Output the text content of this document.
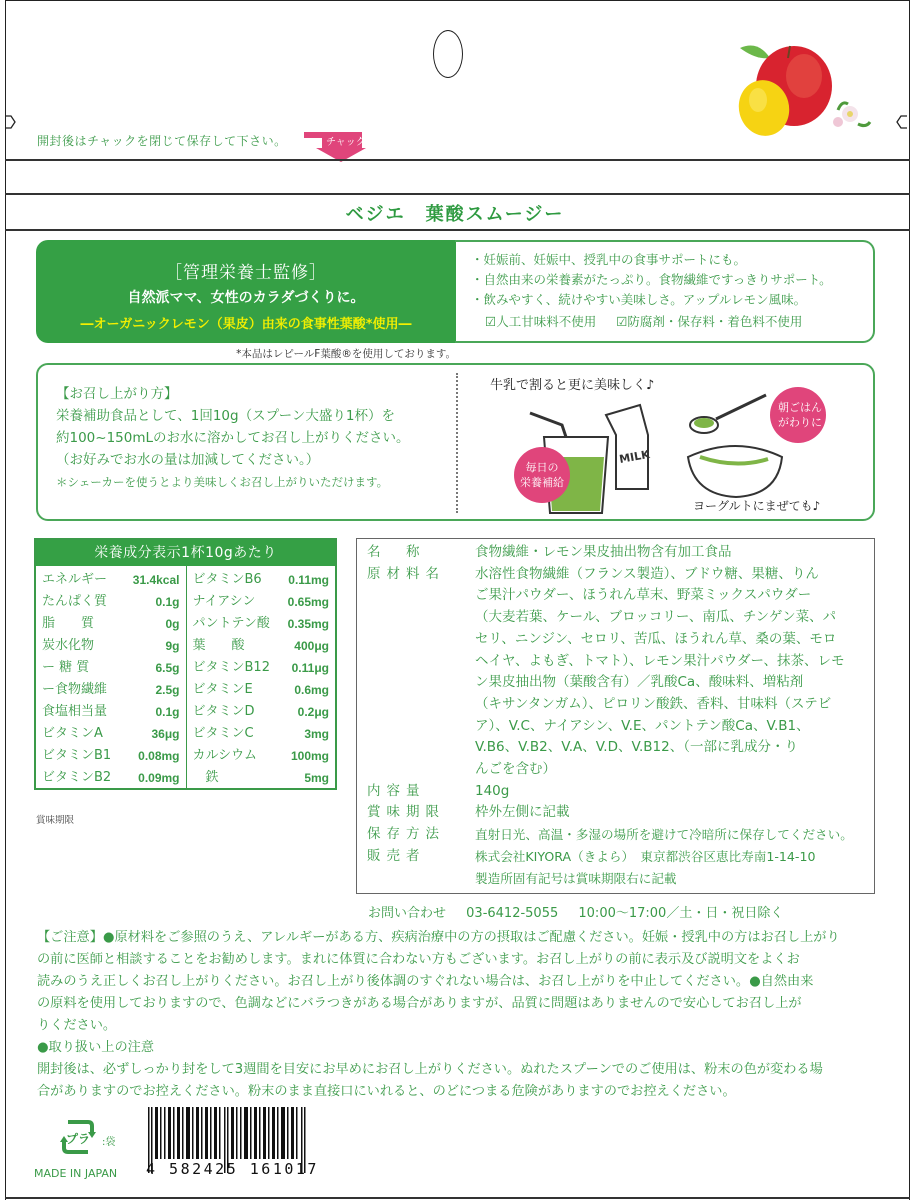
開封後はチャックを閉じて保存して下さい。	チャック
ベジエ　葉酸スムージー
［管理栄養士監修］
自然派ママ、女性のカラダづくりに。
―オーガニックレモン（果皮）由来の食事性葉酸*使用―
・妊娠前、妊娠中、授乳中の食事サポートにも。
・自然由来の栄養素がたっぷり。食物繊維ですっきりサポート。
・飲みやすく、続けやすい美味しさ。アップルレモン風味。
☑人工甘味料不使用 ☑防腐剤・保存料・着色料不使用
*本品はレピールF葉酸®を使用しております。
【お召し上がり方】
栄養補助食品として、1回10g（スプーン大盛り1杯）を
約100~150mLのお水に溶かしてお召し上がりください。
（お好みでお水の量は加減してください。）
＊シェーカーを使うとより美味しくお召し上がりいただけます。
牛乳で割ると更に美味しく♪
MILK
毎日の
栄養補給
朝ごはん
がわりに
ヨーグルトにまぜても♪
栄養成分表示1杯10gあたり
エネルギー 31.4kcal
たんぱく質	0.1g
脂　　質	0g
炭水化物	9g
ー 糖 質	6.5g
ー食物繊維	2.5g
食塩相当量	0.1g
ビタミンA	36μg
ビタミンB1 0.08mg
ビタミンB2 0.09mg
ビタミンB6 0.11mg
ナイアシン	0.65mg
パントテン酸 0.35mg
葉　　酸	400μg
ビタミンB12 0.11μg
ビタミンE	0.6mg
ビタミンD	0.2μg
ビタミンC	3mg
カルシウム	100mg
　鉄	5mg
賞味期限
名　称	食物繊維・レモン果皮抽出物含有加工食品
原材料名	水溶性食物繊維（フランス製造）、ブドウ糖、果糖、りん
ご果汁パウダー、ほうれん草末、野菜ミックスパウダー
（大麦若葉、ケール、ブロッコリー、南瓜、チンゲン菜、パ
セリ、ニンジン、セロリ、苦瓜、ほうれん草、桑の葉、モロ
ヘイヤ、よもぎ、トマト）、レモン果汁パウダー、抹茶、レモ
ン果皮抽出物（葉酸含有）／乳酸Ca、酸味料、増粘剤
（キサンタンガム）、ピロリン酸鉄、香料、甘味料（ステビ
ア）、V.C、ナイアシン、V.E、パントテン酸Ca、V.B1、
V.B6、V.B2、V.A、V.D、V.B12、（一部に乳成分・り
んごを含む）
内容量	140g
賞味期限	枠外左側に記載
保存方法	直射日光、高温・多湿の場所を避けて冷暗所に保存してください。
販売者	株式会社KIYORA（きよら）　東京都渋谷区恵比寿南1-14-10
製造所固有記号は賞味期限右に記載
お問い合わせ 03-6412-5055 10:00～17:00／土・日・祝日除く
【ご注意】●原材料をご参照のうえ、アレルギーがある方、疾病治療中の方の摂取はご配慮ください。妊娠・授乳中の方はお召し上がり
の前に医師と相談することをお勧めします。まれに体質に合わない方もございます。お召し上がりの前に表示及び説明文をよくお
読みのうえ正しくお召し上がりください。お召し上がり後体調のすぐれない場合は、お召し上がりを中止してください。●自然由来
の原料を使用しておりますので、色調などにバラつきがある場合がありますが、品質に問題はありませんので安心してお召し上が
りください。
●取り扱い上の注意
開封後は、必ずしっかり封をして3週間を目安にお早めにお召し上がりください。ぬれたスプーンでのご使用は、粉末の色が変わる場
合がありますのでお控えください。粉末のまま直接口にいれると、のどにつまる危険がありますのでお控えください。
プラ :袋
MADE IN JAPAN 4 582425 161017
